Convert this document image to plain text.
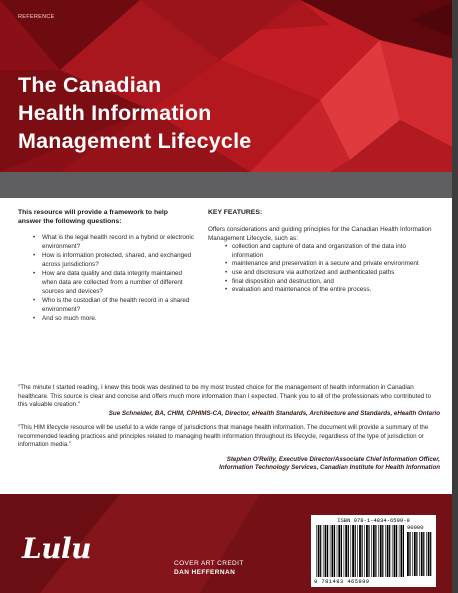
REFERENCE
The Canadian
Health Information
Management Lifecycle
This resource will provide a framework to help
answer the following questions:
• What is the legal health record in a hybrid or electronic environment?
• How is information protected, shared, and exchanged across jurisdictions?
• How are data quality and data integrity maintained when data are collected from a number of different sources and devices?
• Who is the custodian of the health record in a shared environment?
• And so much more.
KEY FEATURES:
Offers considerations and guiding principles for the Canadian Health Information Management Lifecycle, such as:
• collection and capture of data and organization of the data into information
• maintenance and preservation in a secure and private environment
• use and disclosure via authorized and authenticated paths
• final disposition and destruction, and
• evaluation and maintenance of the entire process.
"The minute I started reading, I knew this book was destined to be my most trusted choice for the management of health information in Canadian healthcare. This source is clear and concise and offers much more information than I expected. Thank you to all of the professionals who contributed to this valuable creation."
Sue Schneider, BA, CHIM, CPHIMS-CA, Director, eHealth Standards, Architecture and Standards, eHealth Ontario
"This HIM lifecycle resource will be useful to a wide range of jurisdictions that manage health information. The document will provide a summary of the recommended leading practices and principles related to managing health information throughout its lifecycle, regardless of the type of jurisdiction or information media."
Stephen O'Reilly, Executive Director/Associate Chief Information Officer,
Information Technology Services, Canadian Institute for Health Information
Lulu	COVER ART CREDIT
DAN HEFFERNAN
ISBN 978-1-4834-6599-9
90000
9 781483 465999
